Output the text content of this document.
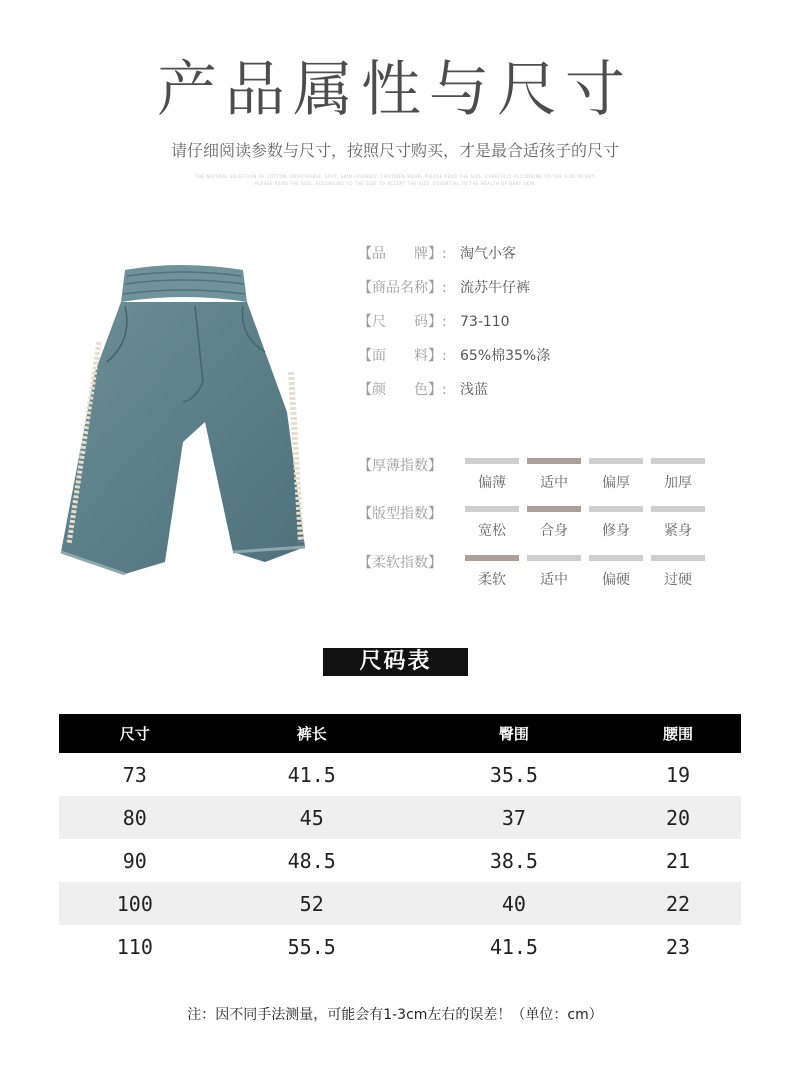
产品属性与尺寸

请仔细阅读参数与尺寸，按照尺寸购买，才是最合适孩子的尺寸

THE NATURAL SELECTION OF COTTON, BREATHABLE, SOFT, SKIN-FRIENDLY, CHILDREN WEAR, PLEASE READ THE SIZE, CAREFULLY ACCORDING TO THE SIZE TO BUY
PLEASE READ THE SIZE, ACCORDING TO THE SIZE TO ACCEPT THE SIZE, ESSENTIAL TO THE HEALTH OF BABY SKIN
【品　　牌】: 淘气小客
【商品名称】: 流苏牛仔裤
【尺　　码】: 73-110
【面　　料】: 65%棉35%涤
【颜　　色】: 浅蓝
【厚薄指数】
偏薄	适中	偏厚	加厚
【版型指数】
宽松	合身	修身	紧身
【柔软指数】
柔软	适中	偏硬	过硬
尺码表
尺寸	裤长	臀围	腰围
73	41.5	35.5	19
80	45	37	20
90	48.5	38.5	21
100	52	40	22
110	55.5	41.5	23
注：因不同手法测量，可能会有1-3cm左右的误差！（单位：cm）
